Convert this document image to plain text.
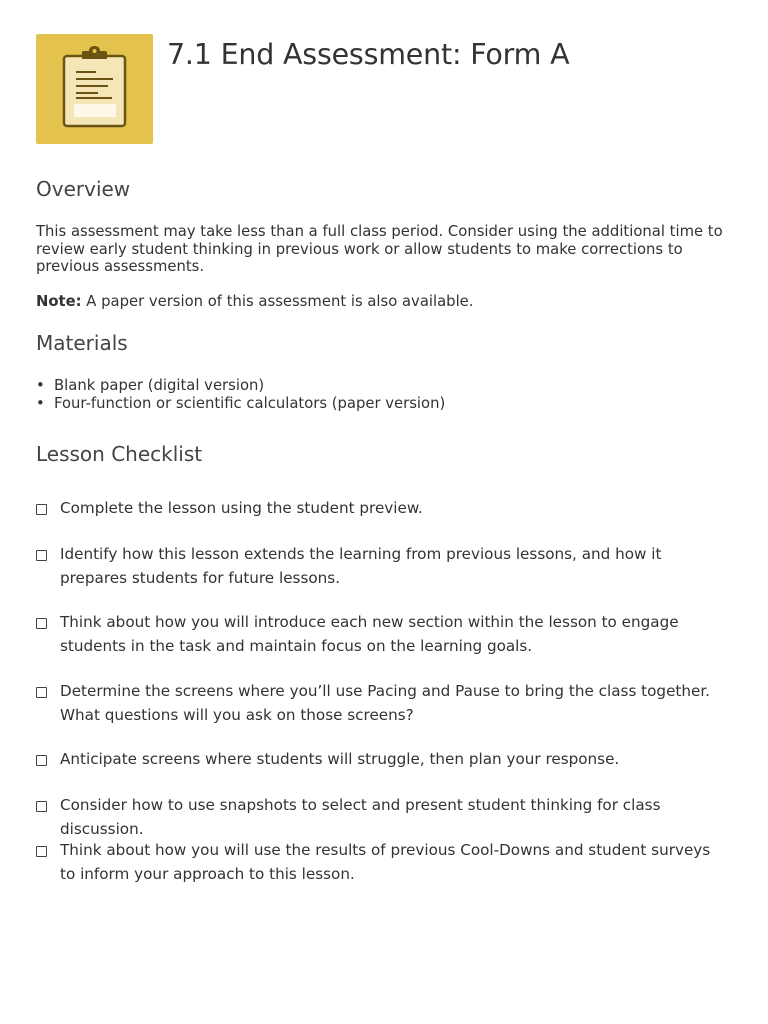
7.1 End Assessment: Form A
Overview

This assessment may take less than a full class period. Consider using the additional time to review early student thinking in previous work or allow students to make corrections to previous assessments.

Note: A paper version of this assessment is also available.

Materials
• Blank paper (digital version)
• Four-function or scientific calculators (paper version)
Lesson Checklist
Complete the lesson using the student preview.
Identify how this lesson extends the learning from previous lessons, and how it prepares students for future lessons.
Think about how you will introduce each new section within the lesson to engage students in the task and maintain focus on the learning goals.
Determine the screens where you’ll use Pacing and Pause to bring the class together. What questions will you ask on those screens?
Anticipate screens where students will struggle, then plan your response.
Consider how to use snapshots to select and present student thinking for class discussion.
Think about how you will use the results of previous Cool-Downs and student surveys to inform your approach to this lesson.
